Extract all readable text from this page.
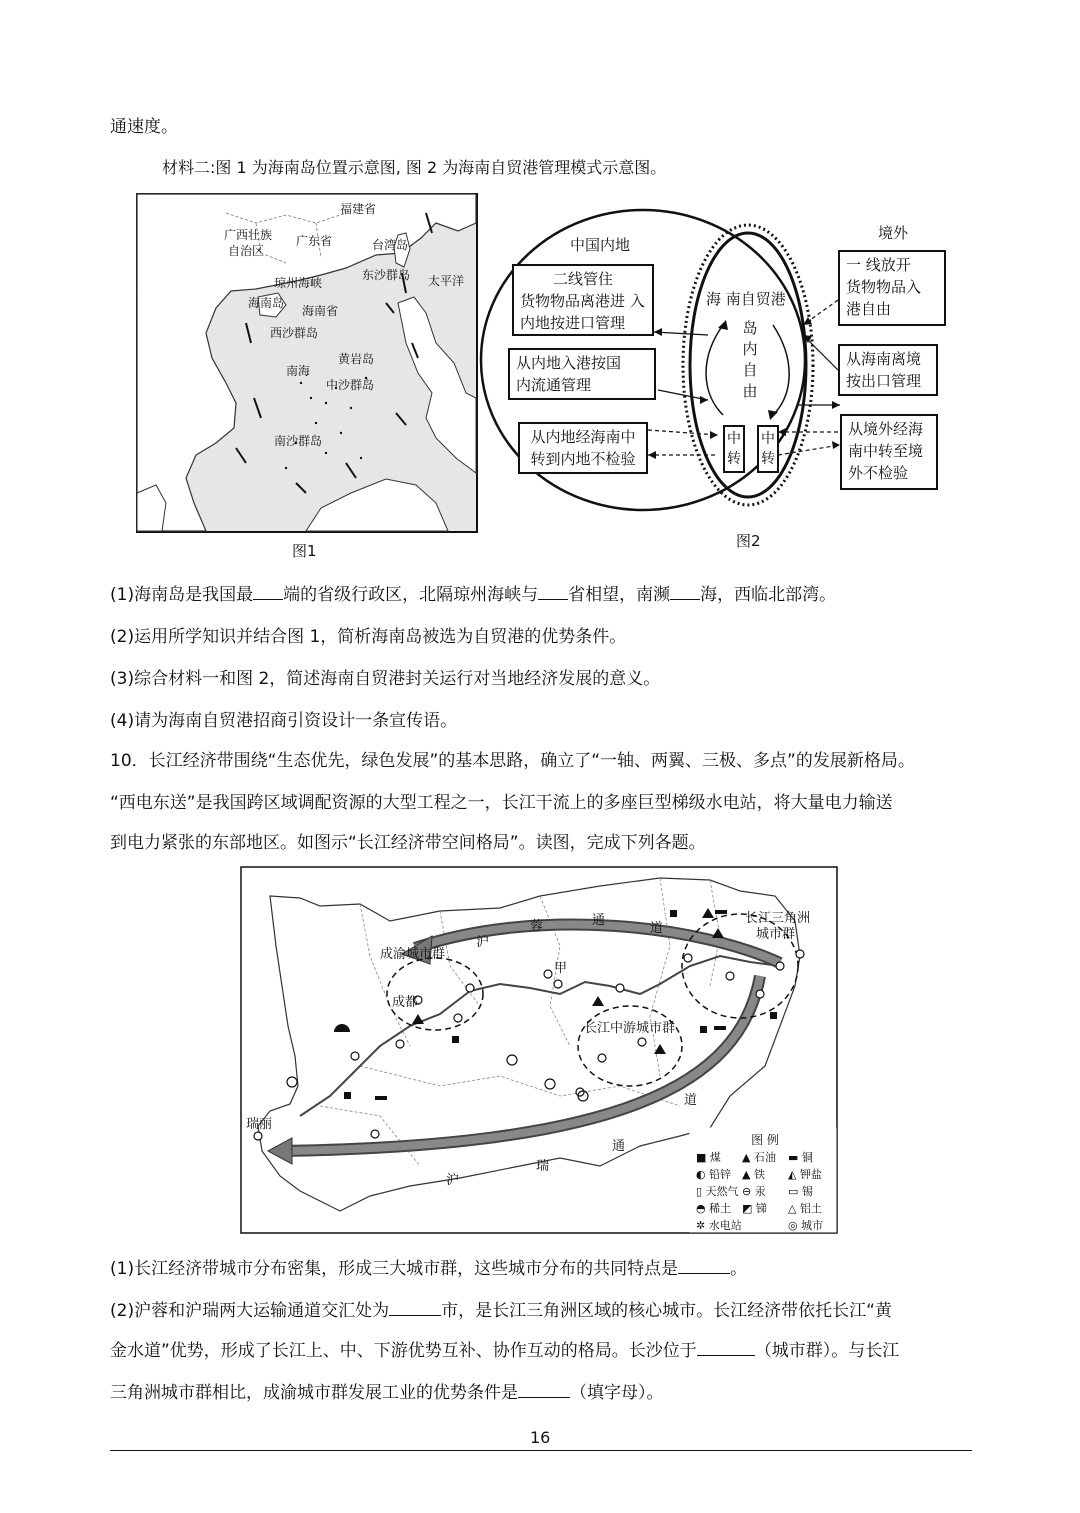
通速度。
材料二:图 1 为海南岛位置示意图, 图 2 为海南自贸港管理模式示意图。
福建省
广西壮族
自治区
广东省	台湾岛
琼州海峡
东沙群岛 太平洋
海南岛
海南省
西沙群岛
黄岩岛
南海
中沙群岛
南沙群岛
图1
中国内地
境外
海 南自贸港
岛
内
自
由
中
转
中
转
二线管住
货物物品离港进 入
内地按进口管理
从内地入港按国
内流通管理
从内地经海南中
转到内地不检验
一 线放开
货物物品入
港自由
从海南离境
按出口管理
从境外经海
南中转至境
外不检验
图2
(1)海南岛是我国最 端的省级行政区，北隔琼州海峡与 省相望，南濒 海，西临北部湾。
(2)运用所学知识并结合图 1，简析海南岛被选为自贸港的优势条件。
(3)综合材料一和图 2，简述海南自贸港封关运行对当地经济发展的意义。
(4)请为海南自贸港招商引资设计一条宣传语。
10．长江经济带围绕“生态优先，绿色发展”的基本思路，确立了“一轴、两翼、三极、多点”的发展新格局。
“西电东送”是我国跨区域调配资源的大型工程之一，长江干流上的多座巨型梯级水电站，将大量电力输送
到电力紧张的东部地区。如图示“长江经济带空间格局”。读图，完成下列各题。
沪
蓉	通
道
长江三角洲
城市群
成渝城市群
成都
甲
长江中游城市群
瑞丽
道
通
瑞
沪
图 例
■ 煤	▲ 石油	▬ 铜
◐ 铅锌 ▲ 铁	◭ 钾盐
▯ 天然气 ⊖ 汞	▭ 锡
◓ 稀土 ◩ 锑	△ 铝土
✲ 水电站	◎ 城市
(1)长江经济带城市分布密集，形成三大城市群，这些城市分布的共同特点是	。
(2)沪蓉和沪瑞两大运输通道交汇处为	市，是长江三角洲区域的核心城市。长江经济带依托长江“黄
金水道”优势，形成了长江上、中、下游优势互补、协作互动的格局。长沙位于	（城市群）。与长江
三角洲城市群相比，成渝城市群发展工业的优势条件是	（填字母）。
16
